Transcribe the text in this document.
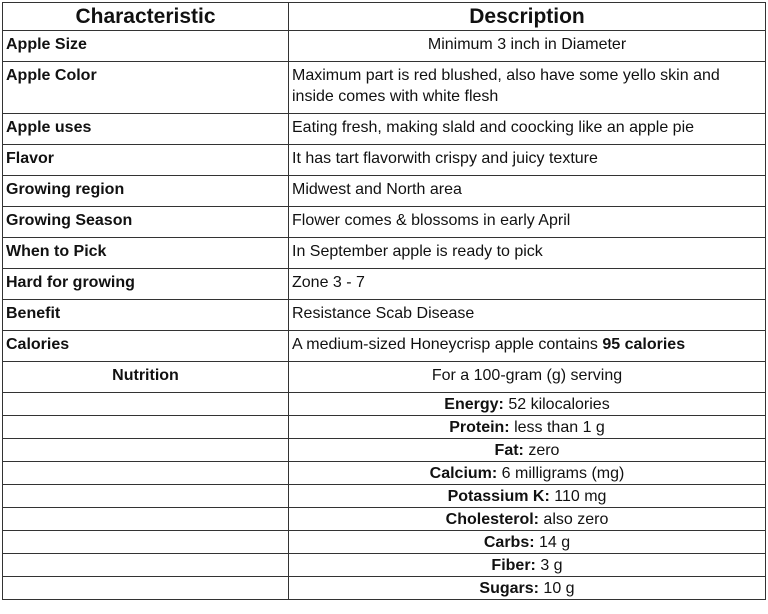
Characteristic	Description
Apple Size	Minimum 3 inch in Diameter
Apple Color	Maximum part is red blushed, also have some yello skin and inside comes with white flesh
Apple uses	Eating fresh, making slald and coocking like an apple pie
Flavor	It has tart flavorwith crispy and juicy texture
Growing region	Midwest and North area
Growing Season	Flower comes & blossoms in early April
When to Pick	In September apple is ready to pick
Hard for growing	Zone 3 - 7
Benefit	Resistance Scab Disease
Calories	A medium-sized Honeycrisp apple contains 95 calories
Nutrition	For a 100-gram (g) serving
	Energy: 52 kilocalories
	Protein: less than 1 g
	Fat: zero
	Calcium: 6 milligrams (mg)
	Potassium K: 110 mg
	Cholesterol: also zero
	Carbs: 14 g
	Fiber: 3 g
	Sugars: 10 g
